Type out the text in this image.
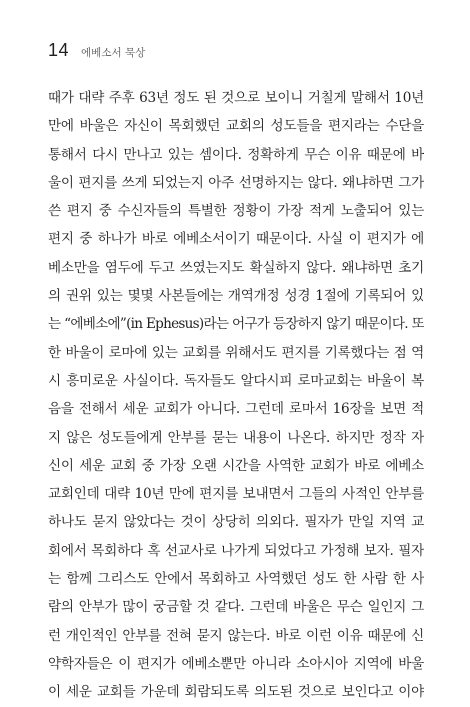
14 에베소서 묵상
때가 대략 주후 63년 정도 된 것으로 보이니 거칠게 말해서 10년
만에 바울은 자신이 목회했던 교회의 성도들을 편지라는 수단을
통해서 다시 만나고 있는 셈이다. 정확하게 무슨 이유 때문에 바
울이 편지를 쓰게 되었는지 아주 선명하지는 않다. 왜냐하면 그가
쓴 편지 중 수신자들의 특별한 정황이 가장 적게 노출되어 있는
편지 중 하나가 바로 에베소서이기 때문이다. 사실 이 편지가 에
베소만을 염두에 두고 쓰였는지도 확실하지 않다. 왜냐하면 초기
의 권위 있는 몇몇 사본들에는 개역개정 성경 1절에 기록되어 있
는 “에베소에”(in Ephesus)라는 어구가 등장하지 않기 때문이다. 또
한 바울이 로마에 있는 교회를 위해서도 편지를 기록했다는 점 역
시 흥미로운 사실이다. 독자들도 알다시피 로마교회는 바울이 복
음을 전해서 세운 교회가 아니다. 그런데 로마서 16장을 보면 적
지 않은 성도들에게 안부를 묻는 내용이 나온다. 하지만 정작 자
신이 세운 교회 중 가장 오랜 시간을 사역한 교회가 바로 에베소
교회인데 대략 10년 만에 편지를 보내면서 그들의 사적인 안부를
하나도 묻지 않았다는 것이 상당히 의외다. 필자가 만일 지역 교
회에서 목회하다 혹 선교사로 나가게 되었다고 가정해 보자. 필자
는 함께 그리스도 안에서 목회하고 사역했던 성도 한 사람 한 사
람의 안부가 많이 궁금할 것 같다. 그런데 바울은 무슨 일인지 그
런 개인적인 안부를 전혀 묻지 않는다. 바로 이런 이유 때문에 신
약학자들은 이 편지가 에베소뿐만 아니라 소아시아 지역에 바울
이 세운 교회들 가운데 회람되도록 의도된 것으로 보인다고 이야
